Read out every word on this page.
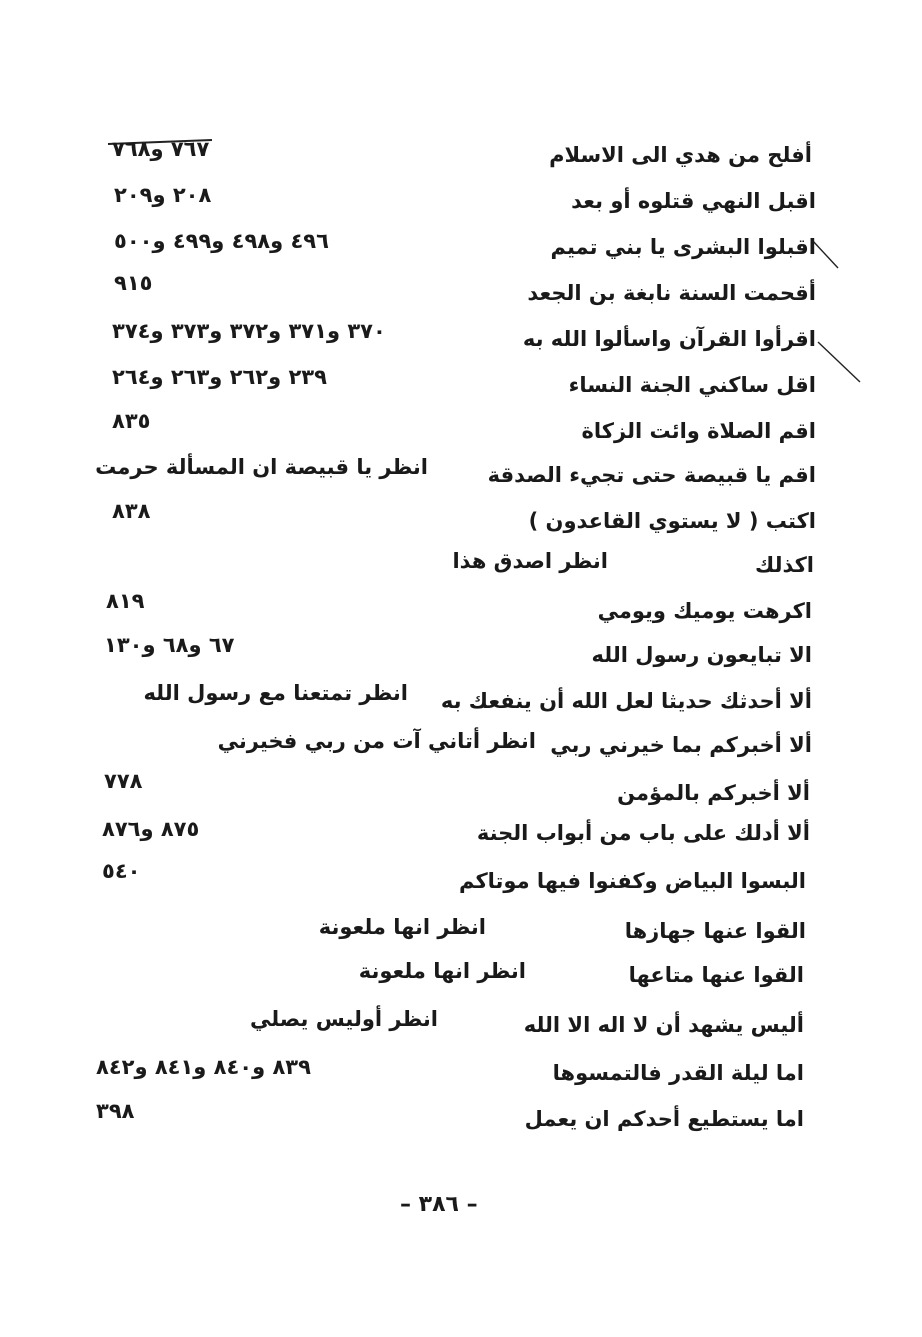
أفلح من هدي الى الاسلام
٧٦٧ و٧٦٨
اقبل النهي قتلوه أو بعد
٢٠٨ و٢٠٩
اقبلوا البشرى يا بني تميم
٤٩٦ و٤٩٨ و٤٩٩ و٥٠٠
أقحمت السنة نابغة بن الجعد
٩١٥
اقرأوا القرآن واسألوا الله به
٣٧٠ و٣٧١ و٣٧٢ و٣٧٣ و٣٧٤
اقل ساكني الجنة النساء
٢٣٩ و٢٦٢ و٢٦٣ و٢٦٤
اقم الصلاة وائت الزكاة
٨٣٥
اقم يا قبيصة حتى تجيء الصدقة
انظر يا قبيصة ان المسألة حرمت
اكتب ( لا يستوي القاعدون )
٨٣٨
اكذلك
انظر اصدق هذا
اكرهت يوميك ويومي
٨١٩
الا تبايعون رسول الله
٦٧ و٦٨ و١٣٠
ألا أحدثك حديثا لعل الله أن ينفعك به
انظر تمتعنا مع رسول الله
ألا أخبركم بما خيرني ربي
انظر أتاني آت من ربي فخيرني
ألا أخبركم بالمؤمن
٧٧٨
ألا أدلك على باب من أبواب الجنة
٨٧٥ و٨٧٦
البسوا البياض وكفنوا فيها موتاكم
٥٤٠
القوا عنها جهازها
انظر انها ملعونة
القوا عنها متاعها
انظر انها ملعونة
أليس يشهد أن لا اله الا الله
انظر أوليس يصلي
اما ليلة القدر فالتمسوها
٨٣٩ و٨٤٠ و٨٤١ و٨٤٢
اما يستطيع أحدكم ان يعمل
٣٩٨
– ٣٨٦ –
